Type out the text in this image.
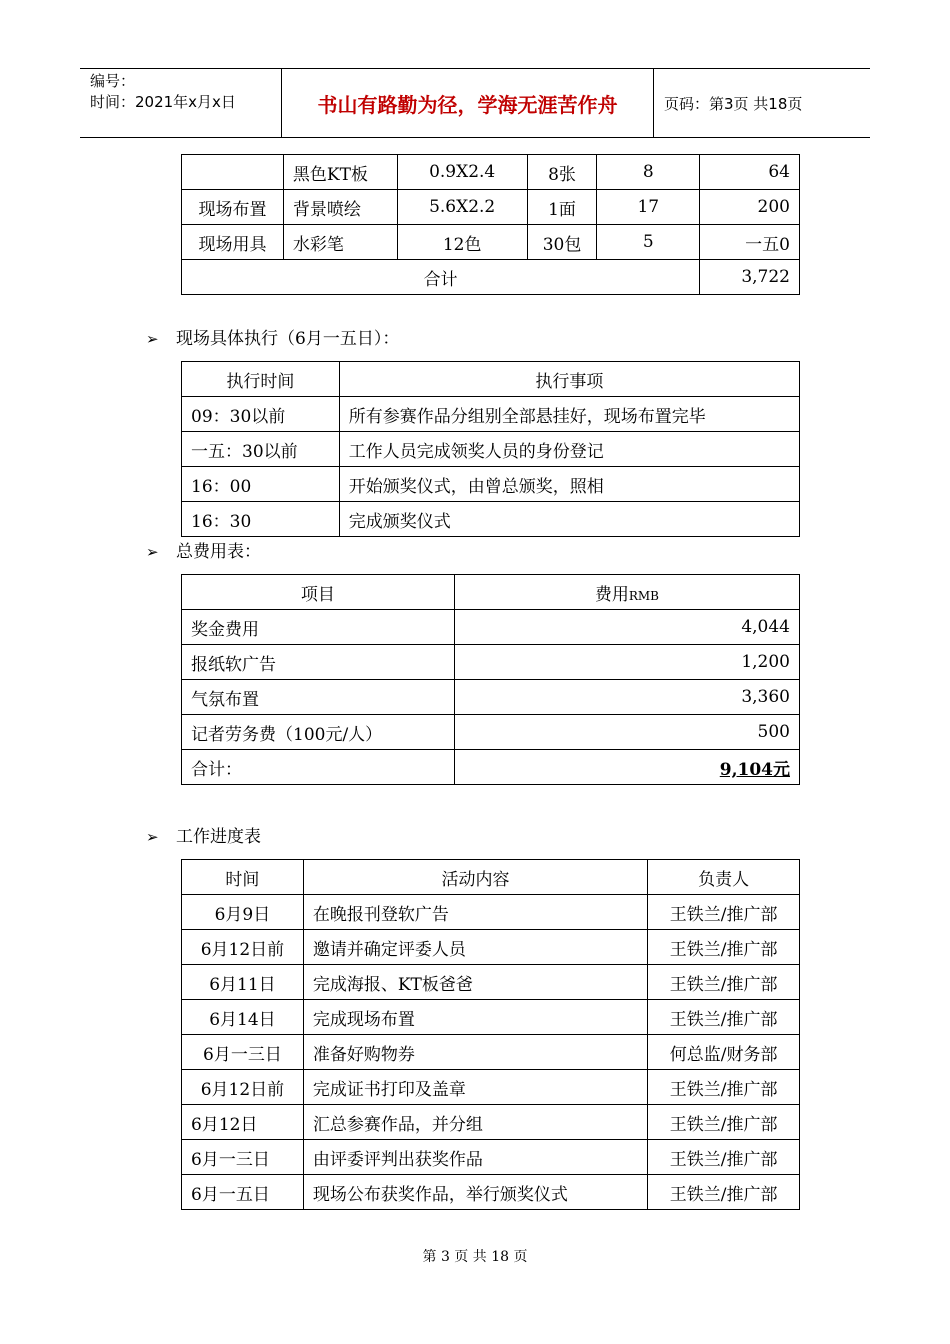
编号：
时间：2021年x月x日	书山有路勤为径，学海无涯苦作舟	页码：第3页 共18页
	黑色KT板	0.9X2.4	8张	8	64
现场布置	背景喷绘	5.6X2.2	1面	17	200
现场用具	水彩笔	12色	30包	5	一五0
合计					3,722
➢ 现场具体执行（6月一五日）：
执行时间	执行事项
09：30以前	所有参赛作品分组别全部悬挂好，现场布置完毕
一五：30以前	工作人员完成领奖人员的身份登记
16：00	开始颁奖仪式，由曾总颁奖，照相
16：30	完成颁奖仪式
➢ 总费用表：
项目	费用RMB
奖金费用	4,044
报纸软广告	1,200
气氛布置	3,360
记者劳务费（100元/人）	500
合计：	9,104元
➢ 工作进度表
时间	活动内容	负责人
6月9日	在晚报刊登软广告	王铁兰/推广部
6月12日前	邀请并确定评委人员	王铁兰/推广部
6月11日	完成海报、KT板爸爸	王铁兰/推广部
6月14日	完成现场布置	王铁兰/推广部
6月一三日	准备好购物券	何总监/财务部
6月12日前	完成证书打印及盖章	王铁兰/推广部
6月12日	汇总参赛作品，并分组	王铁兰/推广部
6月一三日	由评委评判出获奖作品	王铁兰/推广部
6月一五日	现场公布获奖作品，举行颁奖仪式	王铁兰/推广部
第 3 页 共 18 页
